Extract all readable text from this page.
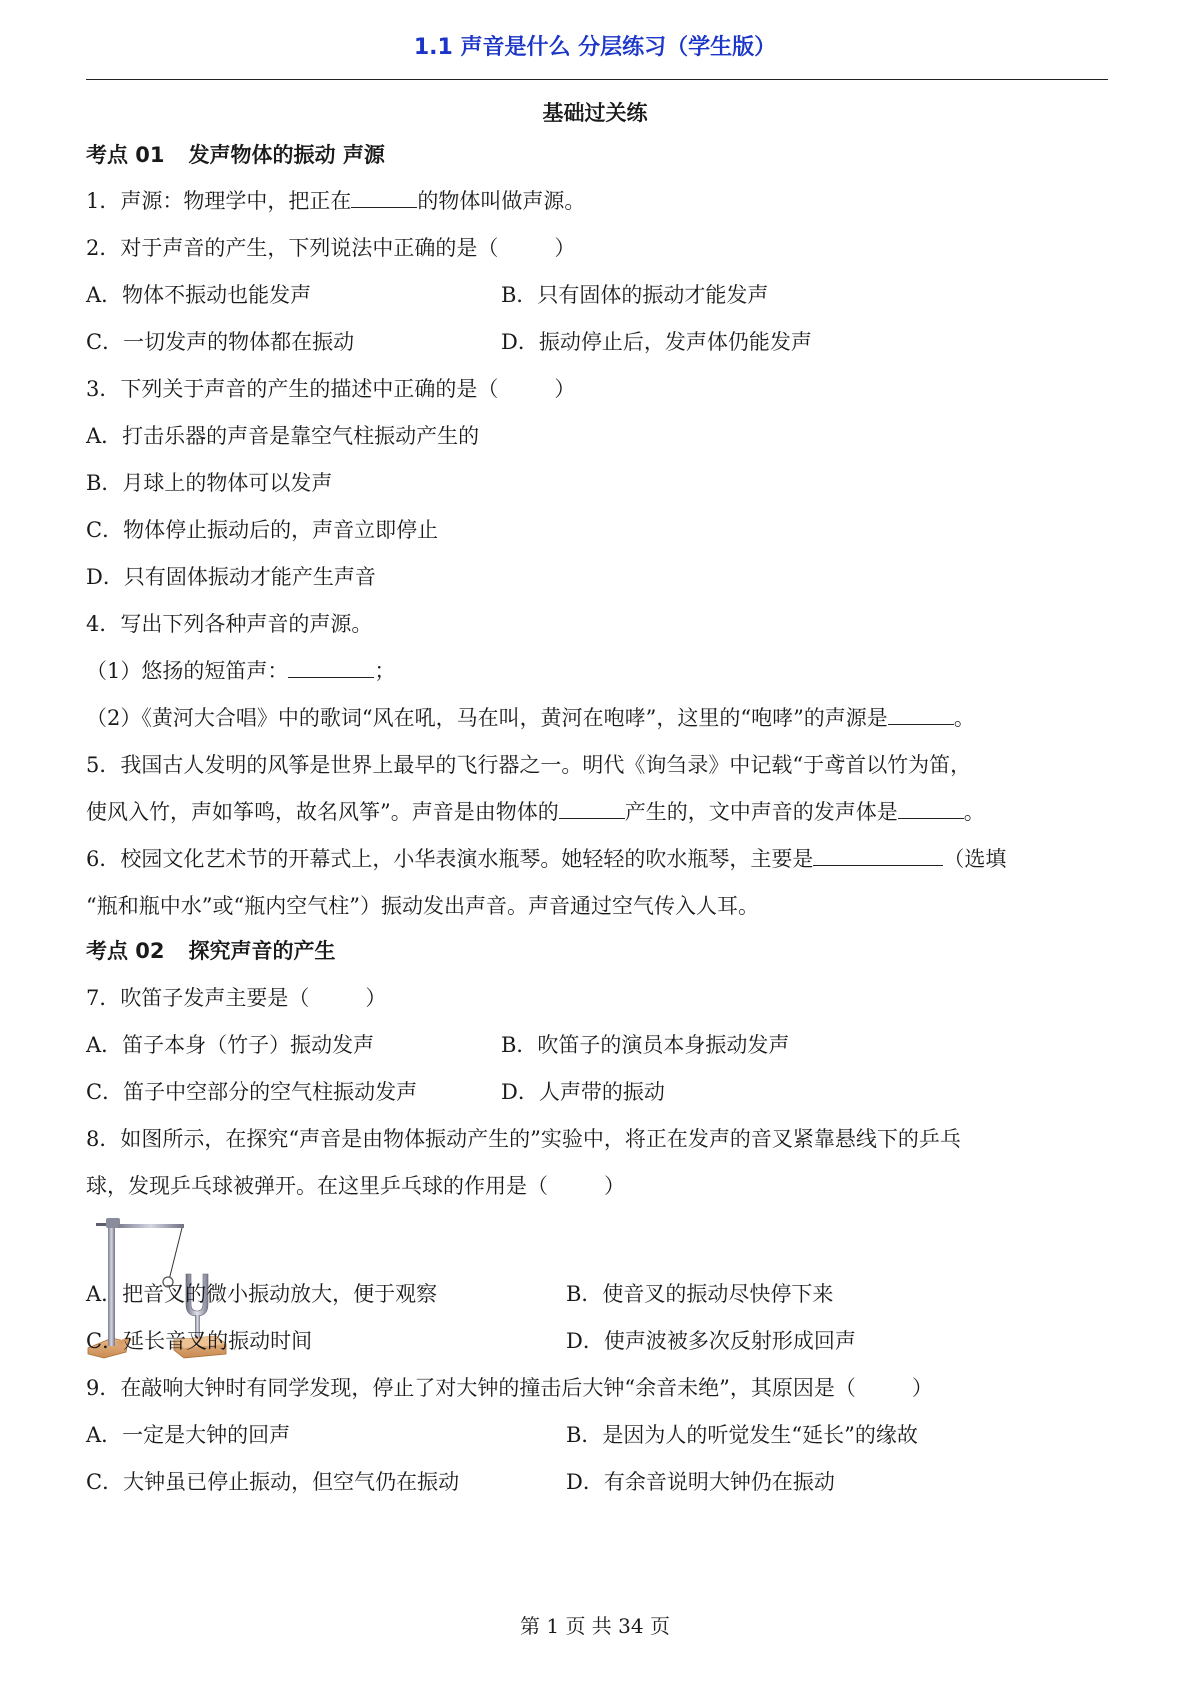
1.1 声音是什么 分层练习（学生版）
基础过关练
考点 01 发声物体的振动 声源
1．声源：物理学中，把正在	的物体叫做声源。
2．对于声音的产生，下列说法中正确的是（	）
A．物体不振动也能发声	B．只有固体的振动才能发声
C．一切发声的物体都在振动	D．振动停止后，发声体仍能发声
3．下列关于声音的产生的描述中正确的是（	）
A．打击乐器的声音是靠空气柱振动产生的
B．月球上的物体可以发声
C．物体停止振动后的，声音立即停止
D．只有固体振动才能产生声音
4．写出下列各种声音的声源。
（1）悠扬的短笛声：	；
（2）《黄河大合唱》中的歌词“风在吼，马在叫，黄河在咆哮”，这里的“咆哮”的声源是	。
5．我国古人发明的风筝是世界上最早的飞行器之一。明代《询刍录》中记载“于鸢首以竹为笛，
使风入竹，声如筝鸣，故名风筝”。声音是由物体的	产生的，文中声音的发声体是	。
6．校园文化艺术节的开幕式上，小华表演水瓶琴。她轻轻的吹水瓶琴，主要是	（选填
“瓶和瓶中水”或“瓶内空气柱”）振动发出声音。声音通过空气传入人耳。
考点 02 探究声音的产生
7．吹笛子发声主要是（	）
A．笛子本身（竹子）振动发声	B．吹笛子的演员本身振动发声
C．笛子中空部分的空气柱振动发声	D．人声带的振动
8．如图所示，在探究“声音是由物体振动产生的”实验中，将正在发声的音叉紧靠悬线下的乒乓
球，发现乒乓球被弹开。在这里乒乓球的作用是（	）
A．把音叉的微小振动放大，便于观察	B．使音叉的振动尽快停下来
C．延长音叉的振动时间	D．使声波被多次反射形成回声
9．在敲响大钟时有同学发现，停止了对大钟的撞击后大钟“余音未绝”，其原因是（	）
A．一定是大钟的回声	B．是因为人的听觉发生“延长”的缘故
C．大钟虽已停止振动，但空气仍在振动	D．有余音说明大钟仍在振动
第 1 页 共 34 页
